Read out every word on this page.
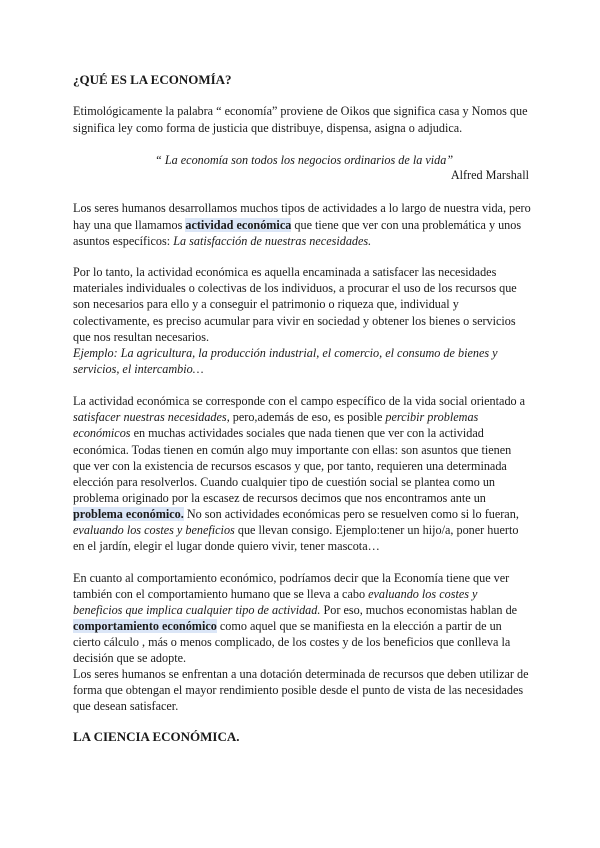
¿QUÉ ES LA ECONOMÍA?
Etimológicamente la palabra “ economía” proviene de Oikos que significa casa y Nomos que
significa ley como forma de justicia que distribuye, dispensa, asigna o adjudica.
“ La economía son todos los negocios ordinarios de la vida”
Alfred Marshall
Los seres humanos desarrollamos muchos tipos de actividades a lo largo de nuestra vida, pero
hay una que llamamos actividad económica que tiene que ver con una problemática y unos
asuntos específicos: La satisfacción de nuestras necesidades.
Por lo tanto, la actividad económica es aquella encaminada a satisfacer las necesidades
materiales individuales o colectivas de los individuos, a procurar el uso de los recursos que
son necesarios para ello y a conseguir el patrimonio o riqueza que, individual y
colectivamente, es preciso acumular para vivir en sociedad y obtener los bienes o servicios
que nos resultan necesarios.
Ejemplo: La agricultura, la producción industrial, el comercio, el consumo de bienes y
servicios, el intercambio…
La actividad económica se corresponde con el campo específico de la vida social orientado a
satisfacer nuestras necesidades, pero,además de eso, es posible percibir problemas
económicos en muchas actividades sociales que nada tienen que ver con la actividad
económica. Todas tienen en común algo muy importante con ellas: son asuntos que tienen
que ver con la existencia de recursos escasos y que, por tanto, requieren una determinada
elección para resolverlos. Cuando cualquier tipo de cuestión social se plantea como un
problema originado por la escasez de recursos decimos que nos encontramos ante un
problema económico. No son actividades económicas pero se resuelven como si lo fueran,
evaluando los costes y beneficios que llevan consigo. Ejemplo:tener un hijo/a, poner huerto
en el jardín, elegir el lugar donde quiero vivir, tener mascota…
En cuanto al comportamiento económico, podríamos decir que la Economía tiene que ver
también con el comportamiento humano que se lleva a cabo evaluando los costes y
beneficios que implica cualquier tipo de actividad. Por eso, muchos economistas hablan de
comportamiento económico como aquel que se manifiesta en la elección a partir de un
cierto cálculo , más o menos complicado, de los costes y de los beneficios que conlleva la
decisión que se adopte.
Los seres humanos se enfrentan a una dotación determinada de recursos que deben utilizar de
forma que obtengan el mayor rendimiento posible desde el punto de vista de las necesidades
que desean satisfacer.
LA CIENCIA ECONÓMICA.
